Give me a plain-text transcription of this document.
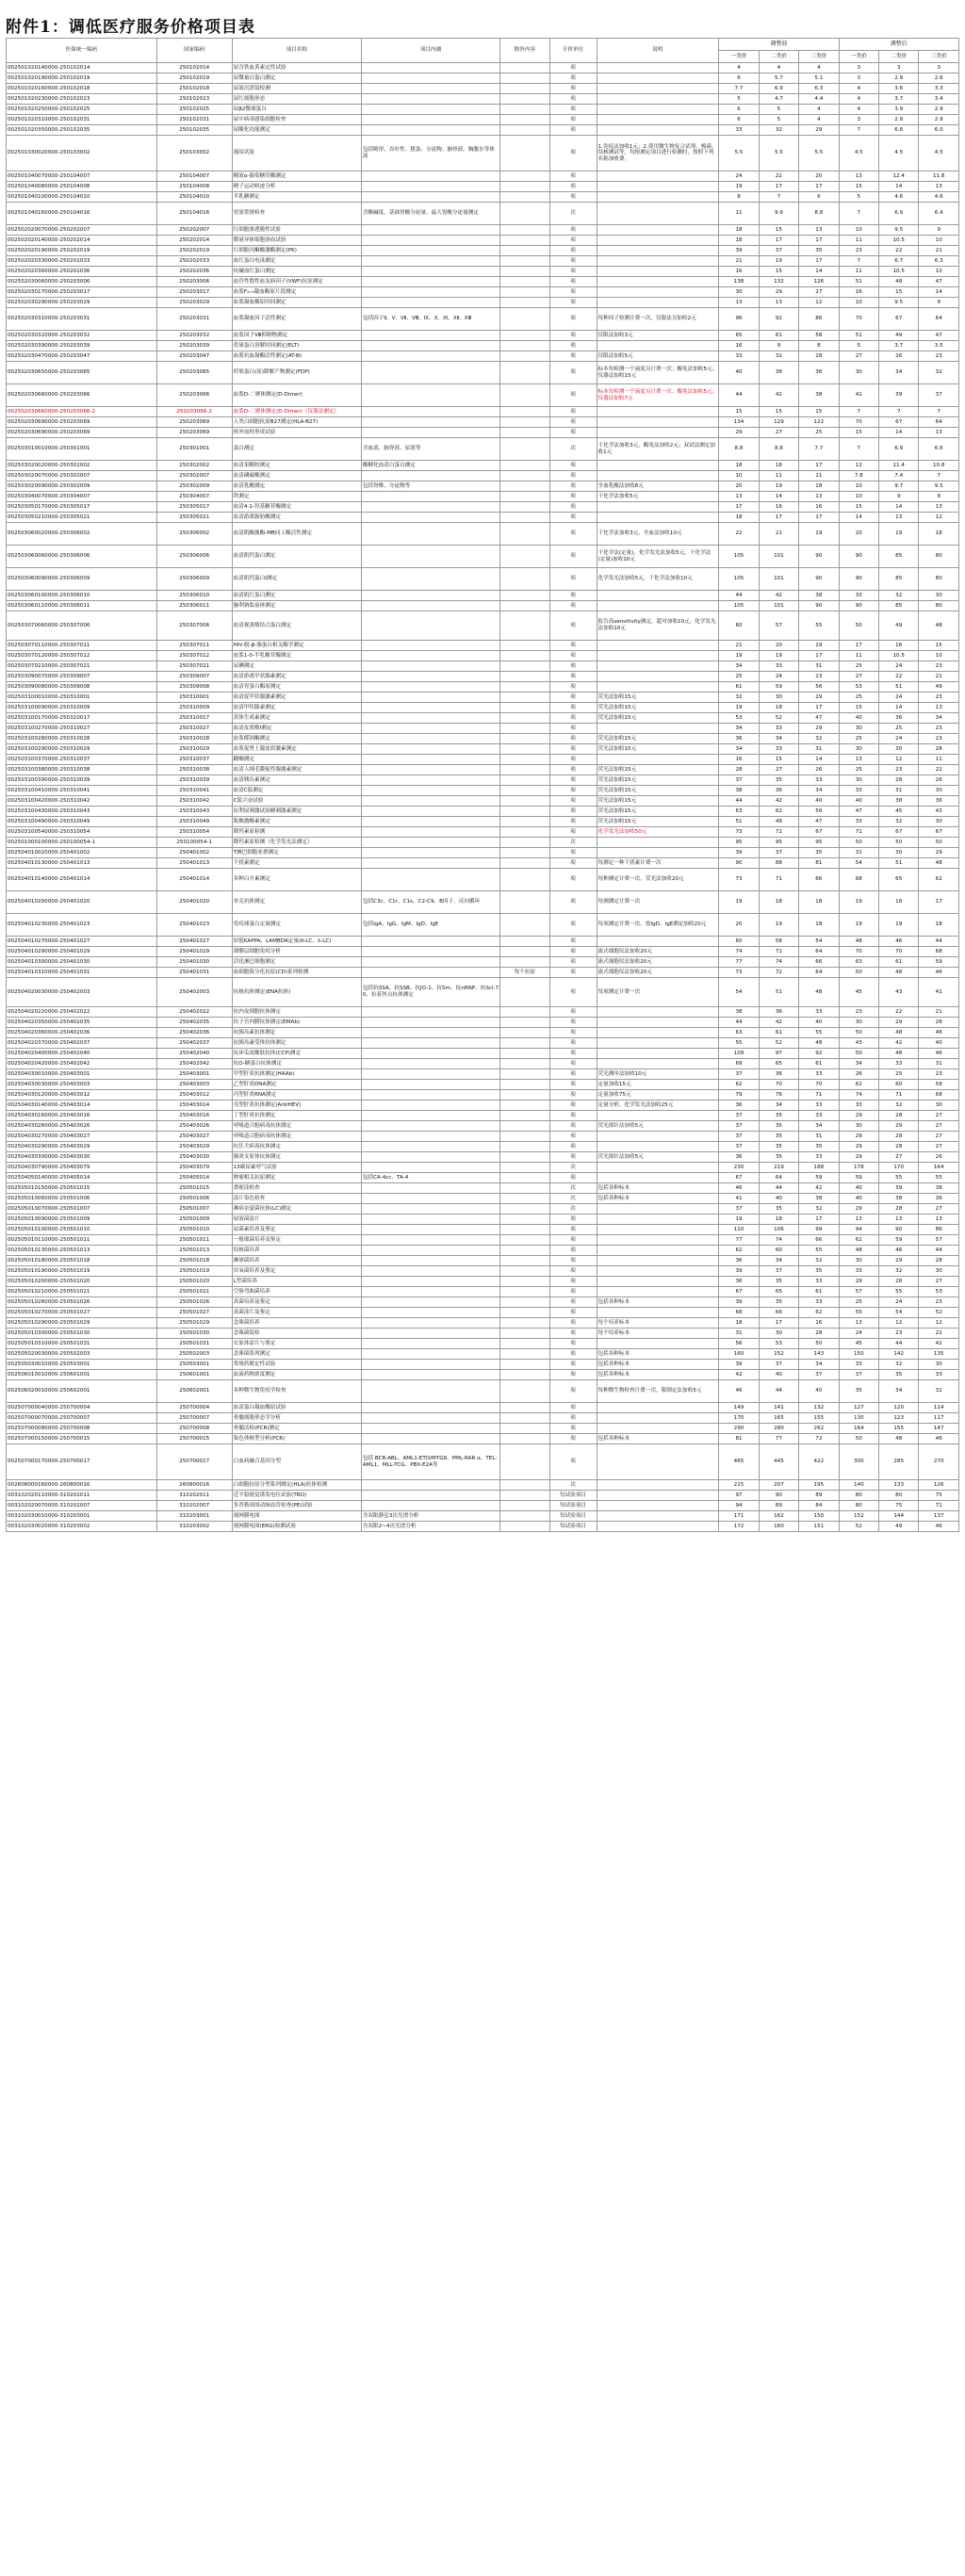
附件1：调低医疗服务价格项目表
医保统一编码	国家编码	项目名称	项目内涵	除外内容	计价单位	说明	调整前			调整后		
							一类价	二类价	三类价	一类价	二类价	三类价
002501020140000-250102014	250102014	尿含铁血黄素定性试验			项		4	4	4	3	3	3
002501020190000-250102019	250102019	尿微量白蛋白测定			项		6	5.7	5.1	3	2.9	2.6
002501020160000-250102018	250102018	尿液沉渣镜检测			项		7.7	6.9	6.3	4	3.6	3.3
002501020230000-250102023	250102023	尿红细胞形态			项		5	4.7	4.4	4	3.7	3.4
002501020250000-250102025	250102025	尿β2微球蛋白			项		6	5	4	4	3.9	2.9
002501020310000-250102031	250102031	尿中病毒感染细胞检查			项		6	5	4	3	2.9	2.9
002501020350000-250102035	250102035	尿酸化功能测定			项		33	32	29	7	6.6	6.0
002501030020000-250103002	250103002	漫尿试验	包括畸形、吞吐性、猪蛋、分泌物、脑脊液、胸腹水等体液		项	1.免疫法加收1元；2.使用微生物复合试剂、梭菌、结核测试等，均按测定项目进行检测时，按照下列名称加收费。	5.5	5.5	5.5	4.5	4.5	4.5
002501040070000-250104007	250104007	精液α-葡萄糖苷酶测定			项		24	22	20	13	12.4	11.8
002501040080000-250104008	250104008	精子运动轨迹分析			项		19	17	17	15	14	13
002501040100000-250104010	250104010	半乳糖测定			项		8	7	6	5	4.6	4.6
002501040160000-250104016	250104016	胃液常规检查	含酸碱度、基础胃酸分泌量、最大胃酸分泌量测定		次		11	9.9	8.8	7	6.9	6.4
002502020070000-250202007	250202007	红细胞渗透脆性试验			项		18	15	13	10	9.5	9
002502020140000-250202014	250202014	微量异体细胞溶血试验			项		18	17	17	11	10.5	10
002502020190000-250202019	250202019	红细胞丙酮酸激酶测定(PK)			项		39	37	35	23	22	21
002502020330000-250202033	250202033	血红蛋白电泳测定			项		21	19	17	7	6.7	6.3
002502020360000-250202036	250202036	抗碱血红蛋白测定			项		16	15	14	11	10.5	10
002502030060000-250203006	250203006	血管性假性血友病因子(VWF)抗原测定			项		138	132	126	51	48	47
002502030170000-250203017	250203017	血浆F₁₊₂凝血酶原片段测定			项		30	29	27	16	15	14
002502030290000-250203029	250203029	血浆凝血酶原时间测定			项		13	13	12	10	9.5	9
002502030310000-250203031	250203031	血浆凝血因子活性测定	包括因子Ⅱ、Ⅴ、Ⅶ、Ⅷ、Ⅸ、Ⅹ、Ⅺ、Ⅻ、ⅩⅢ		项	每种因子检测计费一次，仅限法另加收2元	96	92	86	70	67	64
002502030320000-250203032	250203032	血浆因子Ⅷ抑制物测定			项	仅限法加收3元	65	61	58	51	49	47
002502030390000-250203039	250203039	优球蛋白溶解时间测定(ELT)			项		16	9	8	5	3.7	3.5
002502030470000-250203047	250203047	血浆抗血凝酶活性测定(AT-Ⅲ)			项	仅限法加收5元	33	32	28	27	26	23
002502030650000-250203065	250203065	纤维蛋白(原)降解产物测定(FDP)			项	标本每检测一个滴度另计费一次；酶免法加收5元；仪器法加收15元	40	38	36	30	34	32
002502030660000-250203066	250203066	血浆D-二聚体测定(D-Dimer)			项	标本每检测一个滴度另计费一次；酶免法加收5元；仪器法加收7元	44	42	38	41	39	37
002502030660000-250203066-2	250203066-2	血浆D-二聚体测定(D-Dimer)（仪器法测定）			项		15	15	15	7	7	7
002502030690000-250203069	250203069	人类白细胞抗原B27测定(HLA-B27)			项		134	129	122	70	67	64
002502030690000-250203069	250203069	体外血栓形成试验			项		29	27	25	15	14	13
002503010010000-250301001	250301001	蛋白测定	含血液、脑脊液、尿液等		次	干化学法加收3元，酶免法加收2元；双试法测定加收1元	8.8	8.8	7.7	7	6.9	6.6
002503020020000-250302002	250302002	血清果糖胺测定	酸糖化血清白蛋白测定		项		18	18	17	12	11.4	10.8
002503020070000-250302007	250302007	血清磷硫酸测定			项		10	11	11	7.8	7.4	7
002503020090000-250302009	250302009	血清乳酸测定	包括脊椎、分泌物等		项	全血乳酸法加收8元	20	19	18	10	9.7	9.5
002503040070000-250304007	250304007	铁测定			项	干化学法加收5元	13	14	13	10	9	8
002503050170000-250305017	250305017	血清4-1-羟基糖苷酶测定			项		17	16	16	15	14	13
002503050210000-250305021	250305021	血清游离脂肪酸测定			项		18	17	17	14	13	12
002503060020000-250306002	250306002	血清肌酸激酶-MB同工酶活性测定			项	干化学法加收3元，全血法加收10元	22	21	19	20	19	18
002503060060000-250306006	250306006	血清肌钙蛋白测定			项	干化学法(定量)，化学发光法加收5元，干化学法(定量)加收10元	105	101	90	90	85	80
002503060090000-250306009	250306009	血清肌钙蛋白Ⅰ测定			项	化学发光法加收5元，干化学法加收10元	105	101	90	90	85	80
002503060100000-250306010	250306010	血清肌红蛋白测定			项		44	42	38	33	32	30
002503060110000-250306011	250306011	脑利钠肽前体测定			项		105	101	90	90	85	80
002503070060000-250307006	250307006	血清视黄醇结合蛋白测定			项	报告高sensitivity测定，超对加收10元，化学发光法加收10元	60	57	55	50	49	48
002503070110000-250307011	250307011	HIV-脱-β-脂蛋白相关酶学测定			项		21	20	19	17	16	15
002503070120000-250307012	250307012	血浆1-0-半乳糖苷酶测定			项		19	19	17	11	10.5	10
002503070210000-250307021	250307021	尿碘测定			项		34	33	31	25	24	23
002503090070000-250309007	250309007	血清游离甲状腺素测定			项		25	24	23	27	22	21
002503090080000-250309008	250309008	血清胃蛋白酶原测定			项		61	59	56	53	51	49
002503100010000-250310001	250310001	血清促甲状腺激素测定			项	荧光法加收15元	32	30	29	25	24	23
002503100090000-250310009	250310009	血清甲状腺素测定			项	荧光法加收15元	19	18	17	15	14	13
002503100170000-250310017	250310017	黄体生成素测定			项	荧光法加收15元	53	52	47	40	36	34
002503100270000-250310027	250310027	血清皮质醇Ⅰ测定			项		34	33	29	30	25	23
002503100280000-250310028	250310028	血浆醛固酮测定			项	荧光法加收15元	36	34	32	25	24	23
002503100290000-250310029	250310029	血浆促肾上腺皮质激素测定			项	荧光法加收15元	34	33	31	30	30	28
002503100370000-250310037	250310037	雌酮测定			项		16	15	14	13	12	11
002503100380000-250310038	250310038	血清人绒毛膜促性腺激素测定			项	荧光法加收15元	28	27	26	25	23	22
002503100390000-250310039	250310039	血清胰岛素测定			项	荧光法加收15元	37	35	33	30	28	26
002503100410000-250310041	250310041	血清C肽测定			项	荧光法加收15元	38	36	34	33	31	30
002503100420000-250310042	250310042	C肽兴奋试验			项	荧光法加收15元	44	42	40	40	38	36
002503100430000-250310043	250310043	抗利尿刺激试验糖刺激素测定			项	荧光法加收15元	63	62	56	47	45	43
002503100490000-250310049	250310049	肌酸激酶素测定			项	荧光法加收15元	51	49	47	33	32	30
002503100540000-250310054	250310054	降钙素原检测			项	化学发光法加收50元	73	71	67	71	67	67
002501000100000-250100054-1	250100054-1	降钙素原检测（化学发光法测定）			次		95	95	95	50	50	50
002504010020000-250401002	250401002	T淋巴细胞亚群测定			项		39	37	35	31	30	29
002504010130000-250401013	250401013	干扰素测定			项	每测定一种干扰素计费一次	90	88	81	54	51	48
002504010140000-250401014	250401014	各种白介素测定			项	每种测定计费一次，荧光法加收20元	73	71	66	68	65	62
002504010200000-250401020	250401020	单克抗体测定	包括C3c、C1r、C1s、C2-C9、B因子、反向循环		项	每测测定计费一次	19	18	18	19	18	17
002504010230000-250401023	250401023	免疫球蛋白定量测定	包括IgA、IgG、IgM、IgD、IgE		项	每项测定计费一次，按IgD、IgE测定加收20元	20	19	18	19	19	18
002504010270000-250401027	250401027	轻链KAPPA、LAMBDA定量(K-LC、λ-LC)			项		60	58	54	48	46	44
002504010290000-250401029	250401029	薄膜层细胞免疫分析			项	流式细胞仪法加收20元	74	71	64	70	70	68
002504010300000-250401030	250401030	活化淋巴细胞测定			项	流式细胞仪法加收20元	77	74	66	63	61	59
002504010310000-250401031	250401031	血细胞簇分化抗原(CD)系列检测		每个抗原	项	流式细胞仪法加收20元	73	72	64	50	48	46
002504020030000-250402003	250402003	抗核抗体测定(ENA抗体)	包括抗SSA、抗SSB、抗JO-1、抗Sm、抗nRNP、抗Scl-70、抗着丝点抗体测定		项	每项测定计费一次	54	51	48	45	43	41
002504020220000-250402022	250402022	抗内皮细胞抗体测定			项		38	36	33	23	22	21
002504020350000-250402035	250402035	抗子宫内膜抗体测定(EMAb)			项		44	42	40	30	29	28
002504020360000-250402036	250402036	抗胰岛素抗体测定			项		63	61	55	50	48	46
002504020370000-250402037	250402037	抗胰岛素受体抗体测定			项		55	52	48	43	42	40
002504020400000-250402040	250402040	抗环瓜氨酸肽抗体(CCP)测定			项		109	97	92	50	48	46
002504020420000-250402042	250402042	抗O-糖蛋白抗体测定			项		69	65	61	34	33	31
002504030010000-250403001	250403001	甲型肝炎抗体测定(HAAb)			项	荧光测序法加收10元	37	36	33	26	25	23
002504030030000-250403003	250403003	乙型肝炎DNA测定			项	定量加收15元	62	70	70	62	60	58
002504030120000-250403012	250403012	丙型肝炎RNA测定			项	定量加收75元	79	76	71	74	71	68
002504030140000-250403014	250403014	戊型肝炎抗体测定(AntiHEV)			项	定量分析，化学发光法加收25元	36	34	33	33	32	30
002504030160000-250403016	250403016	丁型肝炎抗体测定			项		37	35	33	29	28	27
002504030260000-250403026	250403026	呼吸道合胞病毒抗体测定			项	荧光探针法加收5元	37	35	34	30	29	27
002504030270000-250403027	250403027	呼吸道合胞病毒抗体测定			项		37	35	31	29	28	27
002504030290000-250403029	250403029	抗狂犬病毒抗体测定			项		37	35	35	29	28	27
002504030300000-250403030	250403030	肺炎支原体抗体测定			项	荧光探针法加收5元	36	35	33	29	27	26
002504030790000-250403079	250403079	13碳尿素呼气试验			次		230	219	188	178	170	164
002504050140000-250405014	250405014	肿瘤相关抗原测定	包括CA-4cc、TA-4		项		67	64	59	59	55	55
002505010150000-250501015	250501015	粪便涂检查			次	包括各种标本	46	44	42	40	39	38
002505010060000-250501006	250501006	涂片染色检查			次	包括各种标本	41	40	38	40	38	36
002505010070000-250501007	250501007	淋病奈瑟菌抗体(LC)测定			次		37	35	32	29	28	27
002505010090000-250501009	250501009	尿液菌涂片			项		19	18	17	13	13	13
002505010100000-250501010	250501010	尿菌素培养及鉴定			项		110	106	99	94	90	86
002505010110000-250501011	250501011	一般细菌培养及鉴定			项		77	74	66	62	59	57
002505010130000-250501013	250501013	结核菌培养			项		62	60	55	48	46	44
002505010180000-250501018	250501018	淋球菌培养			项		36	34	32	30	29	28
002505010190000-250501019	250501019	厌氧菌培养及鉴定			项		39	37	35	33	32	30
002505010200000-250501020	250501020	L型菌培养			项		36	35	33	29	28	27
002505010210000-250501021	250501021	空肠弯曲菌培养			项		67	65	61	57	55	53
002505010260000-250501026	250501026	真菌培养及鉴定			项	包括各种标本	39	35	33	25	24	23
002505010270000-250501027	250501027	真菌涂片及鉴定			项		68	66	62	55	54	52
002505010290000-250501029	250501029	念珠菌培养			项	每个培养标本	18	17	16	13	12	12
002505010300000-250501030	250501030	念珠菌镜检			项	每个培养标本	31	30	28	24	23	22
002505010310000-250501031	250501031	衣原体涂片与鉴定			项		56	53	50	45	44	42
002505020030000-250502003	250502003	念珠菌系列测定			项	包括各种标本	160	152	143	150	142	135
002505030010000-250503001	250503001	常规药敏定性试验			项	包括各种标本	39	37	34	33	32	30
002506010010000-250601001	250601001	血流药物浓度测定			项	包括各种标本	42	40	37	37	35	33
002506020010000-250602001	250602001	各种微生物免疫学检查			项	每种微生物检查计费一次，限制定法加收5元	46	44	40	35	34	32
002507000040000-250700004	250700004	血清蛋白凝血酶原试验			项		149	141	132	127	120	114
002507000070000-250700007	250700007	骨髓细胞形态学分析			项		170	165	155	130	123	117
002507000080000-250700008	250700008	骨髓活检(PCR)测定			项		290	280	262	164	155	147
002507000150000-250700015	250700015	染色体核型分析(PCR)			项	包括各种标本	81	77	72	50	48	46
002507000170000-250700017	250700017	白血病融合基因分型	包括 BCR-ABL、AML1-ETO/MTG8、PML-RAR α、TEL-AML1、MLL-TCG、PBX-E2A等		项		465	445	422	300	285	270
002608000160000-260800016	260800016	白细胞抗原分型系列测定(HLA)抗体检测			次		215	207	195	140	133	126
003102020110000-310202011	310202011	近平稳视觉诱发电位试验(TRO)			每试验项目		97	90	89	80	80	75
003102020070000-310202007	310202007	多普勒周围动脉血管检查(PE)试验			每试验项目		94	89	84	80	75	71
003102030010000-310203001	310203001	视网膜电图	含双眼静息3次光谱分析		每试验项目		171	162	150	152	144	137
003102030020000-310203002	310203002	视网膜电图(ERG)检测试验	含双眼2~4次光谱分析		每试验项目		172	160	151	52	49	46
